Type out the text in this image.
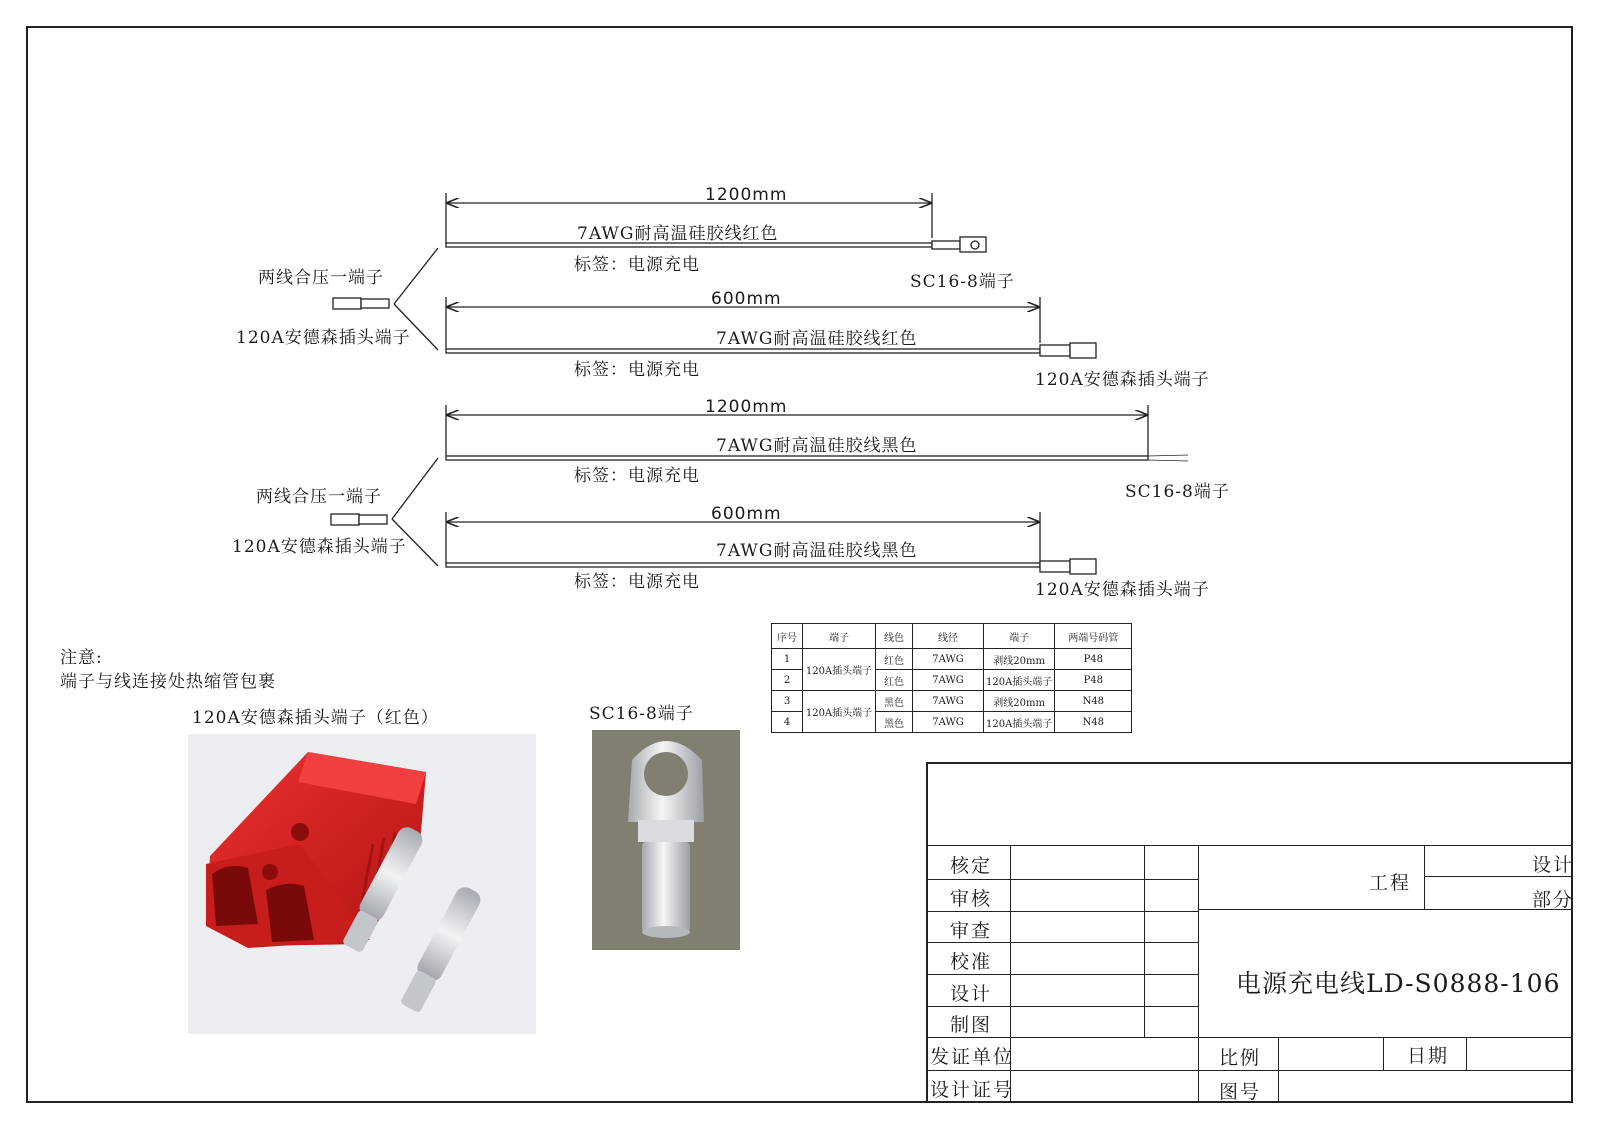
1200mm
7AWG耐高温硅胶线红色
标签：电源充电
SC16-8端子
600mm
7AWG耐高温硅胶线红色
标签：电源充电	120A安德森插头端子
1200mm
7AWG耐高温硅胶线黑色
标签：电源充电
SC16-8端子
600mm
7AWG耐高温硅胶线黑色
标签：电源充电	120A安德森插头端子
两线合压一端子
120A安德森插头端子
两线合压一端子
120A安德森插头端子
注意:
端子与线连接处热缩管包裹
120A安德森插头端子（红色）	SC16-8端子
序号	端子	线色	线径	端子	两端号码管
1	120A插头端子	红色	7AWG	剥线20mm	P48
2		红色	7AWG	120A插头端子	P48
3	120A插头端子	黑色	7AWG	剥线20mm	N48
4		黑色	7AWG	120A插头端子	N48
核定
审核
审查
校准
设计
制图
发证单位
设计证号
工程
设计
部分
电源充电线LD-S0888-106
比例	日期
图号
